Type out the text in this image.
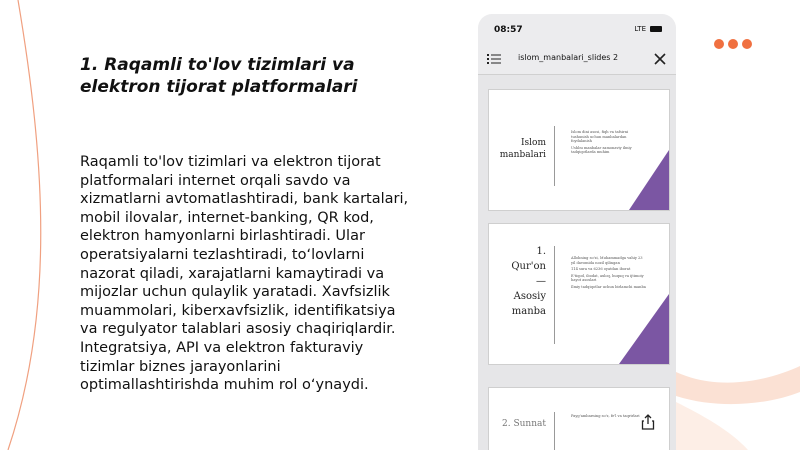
1. Raqamli to'lov tizimlari va elektron tijorat platformalari

Raqamli to'lov tizimlari va elektron tijorat platformalari internet orqali savdo va xizmatlarni avtomatlashtiradi, bank kartalari, mobil ilovalar, internet-banking, QR kod, elektron hamyonlarni birlashtiradi. Ular operatsiyalarni tezlashtiradi, toʻlovlarni nazorat qiladi, xarajatlarni kamaytiradi va mijozlar uchun qulaylik yaratadi. Xavfsizlik muammolari, kiberxavfsizlik, identifikatsiya va regulyator talablari asosiy chaqiriqlardir. Integratsiya, API va elektron fakturaviy tizimlar biznes jarayonlarini optimallashtirishda muhim rol oʻynaydi.

08:57	LTE
islom_manbalari_slides 2
Islom
manbalari
Islom dini asosi, fiqh va tafsirni tushunish uchun manbalardan foydalanish
Ushbu manbalar zamonaviy ilmiy tadqiqotlarda muhim
1.
Qur'on
—
Asosiy
manba
Allohning so'zi, Muhammadga vahiy 23 yil davomida nozil qilingan
114 sura va 6236 oyatdan iborat
E'tiqod, ibodat, axloq, huquq va ijtimoiy hayot asoslari
Ilmiy tadqiqotlar uchun birlamchi manba
2. Sunnat
Payg'ambarning so'z, fe'l va taqrirlari
